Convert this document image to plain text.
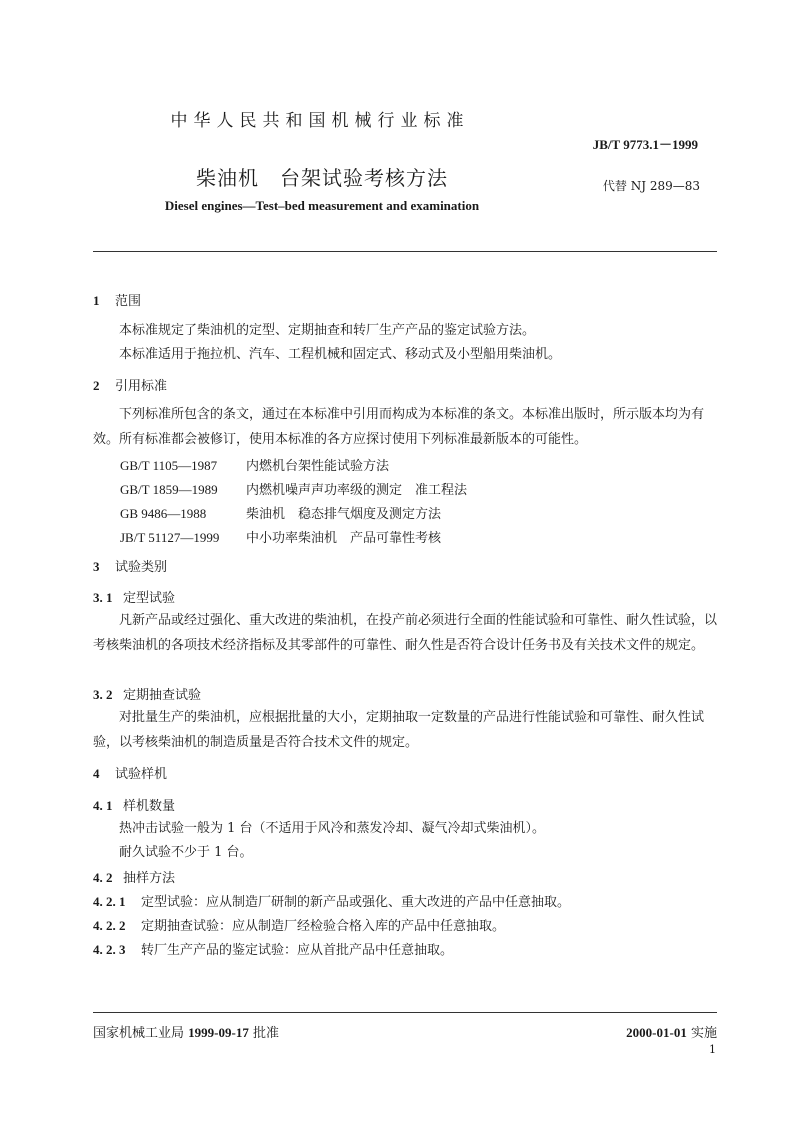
中华人民共和国机械行业标准
JB/T 9773.1－1999
柴油机　台架试验考核方法	代替 NJ 289—83
Diesel engines—Test–bed measurement and examination
1 范围
本标准规定了柴油机的定型、定期抽查和转厂生产产品的鉴定试验方法。
本标准适用于拖拉机、汽车、工程机械和固定式、移动式及小型船用柴油机。
2 引用标准
下列标准所包含的条文，通过在本标准中引用而构成为本标准的条文。本标准出版时，所示版本均为有效。所有标准都会被修订，使用本标准的各方应探讨使用下列标准最新版本的可能性。
GB/T 1105—1987 内燃机台架性能试验方法
GB/T 1859—1989 内燃机噪声声功率级的测定　准工程法
GB 9486—1988	柴油机　稳态排气烟度及测定方法
JB/T 51127—1999 中小功率柴油机　产品可靠性考核
3 试验类别
3. 1 定型试验
凡新产品或经过强化、重大改进的柴油机，在投产前必须进行全面的性能试验和可靠性、耐久性试验，以考核柴油机的各项技术经济指标及其零部件的可靠性、耐久性是否符合设计任务书及有关技术文件的规定。
3. 2 定期抽查试验
对批量生产的柴油机，应根据批量的大小，定期抽取一定数量的产品进行性能试验和可靠性、耐久性试验，以考核柴油机的制造质量是否符合技术文件的规定。
4 试验样机
4. 1 样机数量
热冲击试验一般为 1 台（不适用于风冷和蒸发冷却、凝气冷却式柴油机）。
耐久试验不少于 1 台。
4. 2 抽样方法
4. 2. 1 定型试验：应从制造厂研制的新产品或强化、重大改进的产品中任意抽取。
4. 2. 2 定期抽查试验：应从制造厂经检验合格入库的产品中任意抽取。
4. 2. 3 转厂生产产品的鉴定试验：应从首批产品中任意抽取。
国家机械工业局 1999-09-17 批准	2000-01-01 实施
1
